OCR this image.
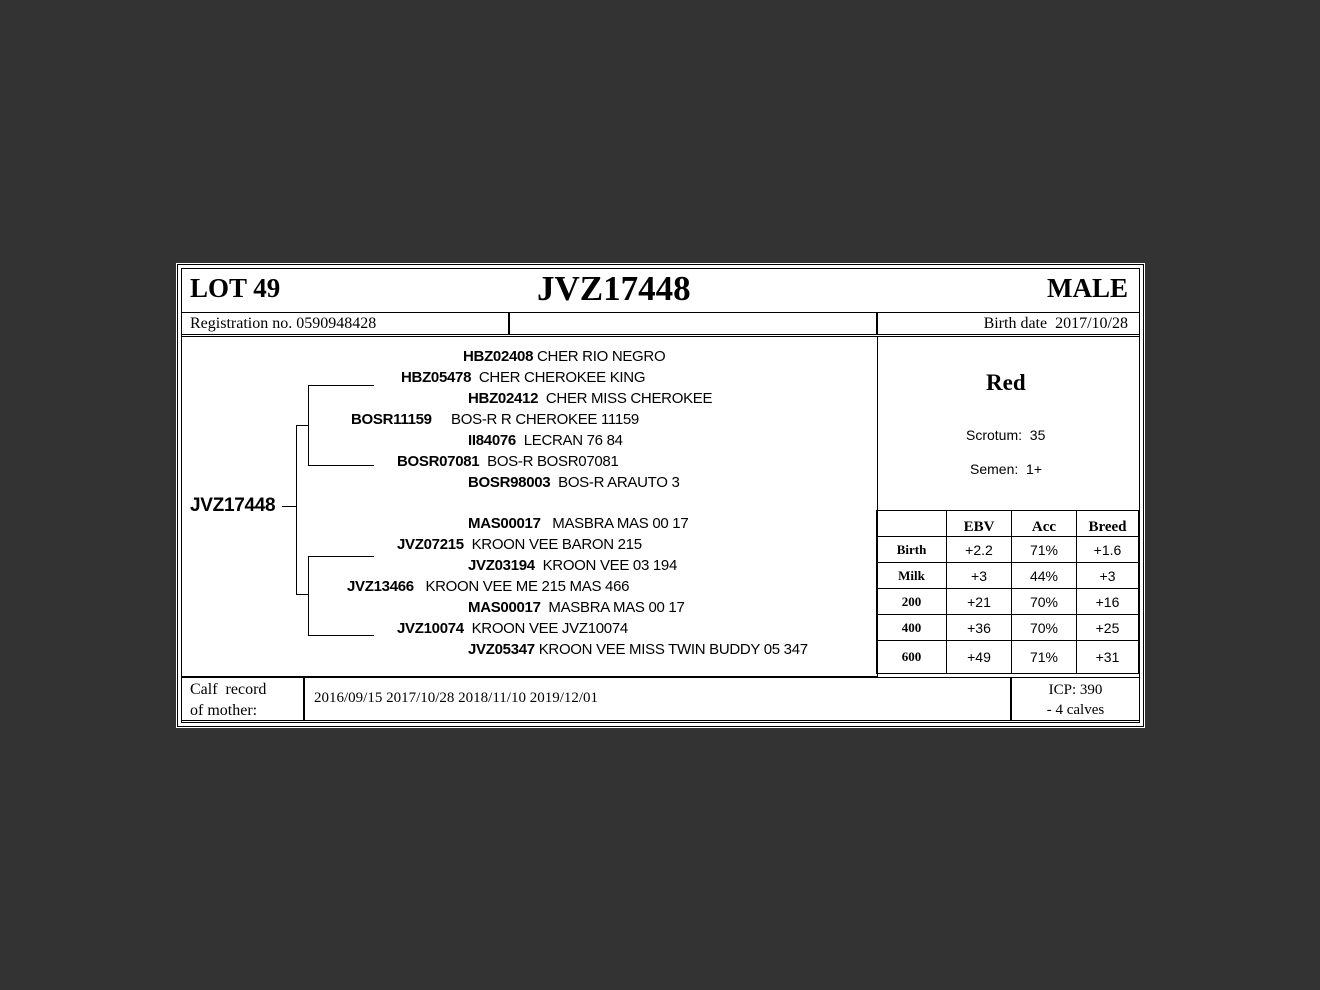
LOT 49	JVZ17448	MALE
Registration no. 0590948428	Birth date 2017/10/28
JVZ17448
HBZ02408 CHER RIO NEGRO
HBZ05478 CHER CHEROKEE KING
HBZ02412 CHER MISS CHEROKEE
BOSR11159 BOS-R R CHEROKEE 11159
II84076 LECRAN 76 84
BOSR07081 BOS-R BOSR07081
BOSR98003 BOS-R ARAUTO 3
MAS00017 MASBRA MAS 00 17
JVZ07215 KROON VEE BARON 215
JVZ03194 KROON VEE 03 194
JVZ13466 KROON VEE ME 215 MAS 466
MAS00017 MASBRA MAS 00 17
JVZ10074 KROON VEE JVZ10074
JVZ05347 KROON VEE MISS TWIN BUDDY 05 347
Red
Scrotum: 35
Semen: 1+
	EBV	Acc	Breed
Birth	+2.2	71%	+1.6
Milk	+3	44%	+3
200	+21	70%	+16
400	+36	70%	+25
600	+49	71%	+31
Calf  record
of mother:
2016/09/15 2017/10/28 2018/11/10 2019/12/01	ICP: 390
- 4 calves
